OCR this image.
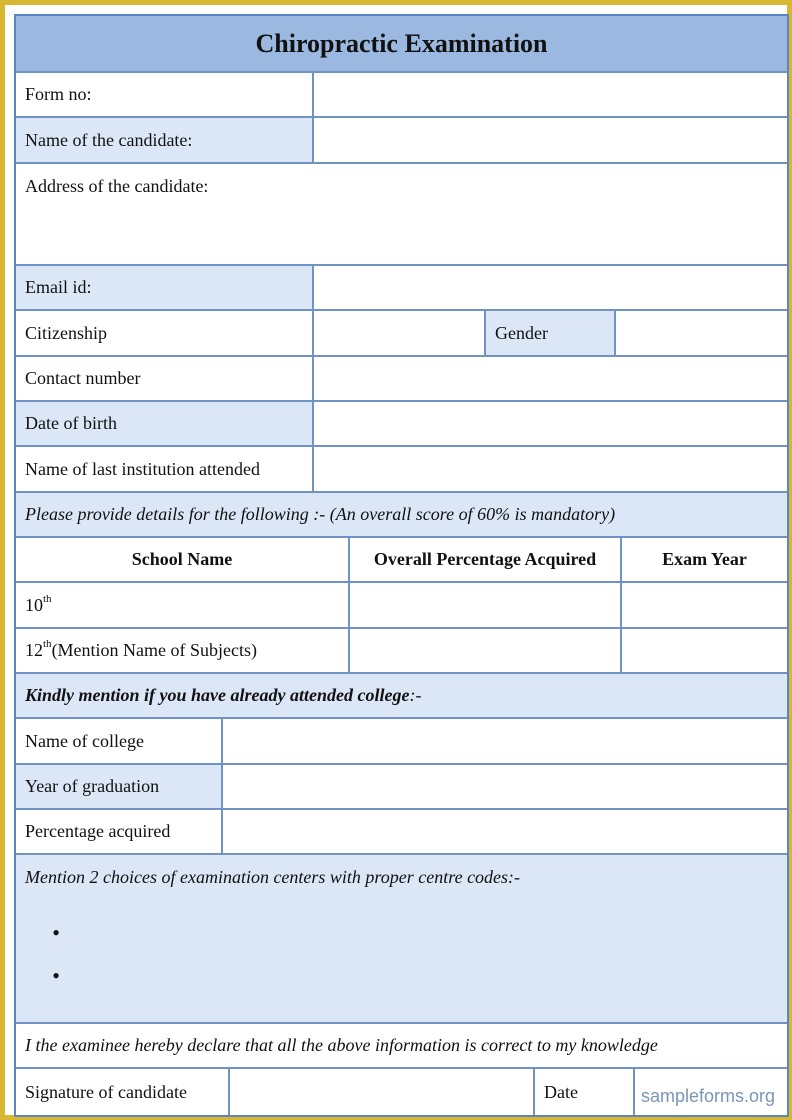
Chiropractic Examination
Form no:
Name of the candidate:
Address of the candidate:
Email id:
Citizenship	Gender
Contact number
Date of birth
Name of last institution attended
Please provide details for the following :- (An overall score of 60% is mandatory)
School Name	Overall Percentage Acquired	Exam Year
10th
12th(Mention Name of Subjects)
Kindly mention if you have already attended college :-
Name of college
Year of graduation
Percentage acquired
Mention 2 choices of examination centers with proper centre codes:-
•
•
I the examinee hereby declare that all the above information is correct to my knowledge
Signature of candidate	Date	sampleforms.org
